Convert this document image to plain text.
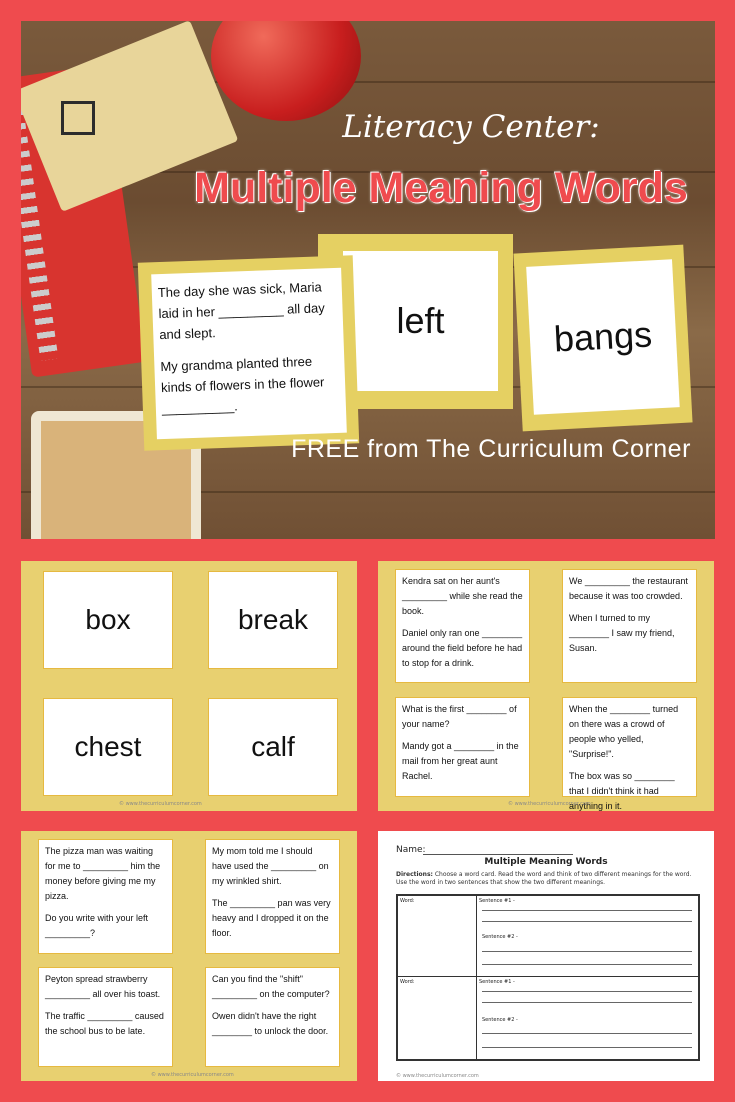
Literacy Center:
Multiple Meaning Words
bangs
left
The day she was sick, Maria laid in her _________ all day and slept.
My grandma planted three kinds of flowers in the flower __________.
FREE from The Curriculum Corner
box	break
chest	calf
© www.thecurriculumcorner.com

Kendra sat on her aunt's _________ while she read the book.

Daniel only ran one ________ around the field before he had to stop for a drink.

We _________ the restaurant because it was too crowded.

When I turned to my ________ I saw my friend, Susan.

What is the first ________ of your name?

Mandy got a ________ in the mail from her great aunt Rachel.

When the ________ turned on there was a crowd of people who yelled, "Surprise!".

The box was so ________ that I didn't think it had anything in it.

© www.thecurriculumcorner.com

The pizza man was waiting for me to _________ him the money before giving me my pizza.

Do you write with your left _________?

My mom told me I should have used the _________ on my wrinkled shirt.

The _________ pan was very heavy and I dropped it on the floor.

Peyton spread strawberry _________ all over his toast.

The traffic _________ caused the school bus to be late.

Can you find the "shift" _________ on the computer?

Owen didn't have the right ________ to unlock the door.

© www.thecurriculumcorner.com
Name:
Multiple Meaning Words
Directions: Choose a word card. Read the word and think of two different meanings for the word. Use the word in two sentences that show the two different meanings.
Word:	Sentence #1 -
Sentence #2 -
Word:	Sentence #1 -
Sentence #2 -
© www.thecurriculumcorner.com
